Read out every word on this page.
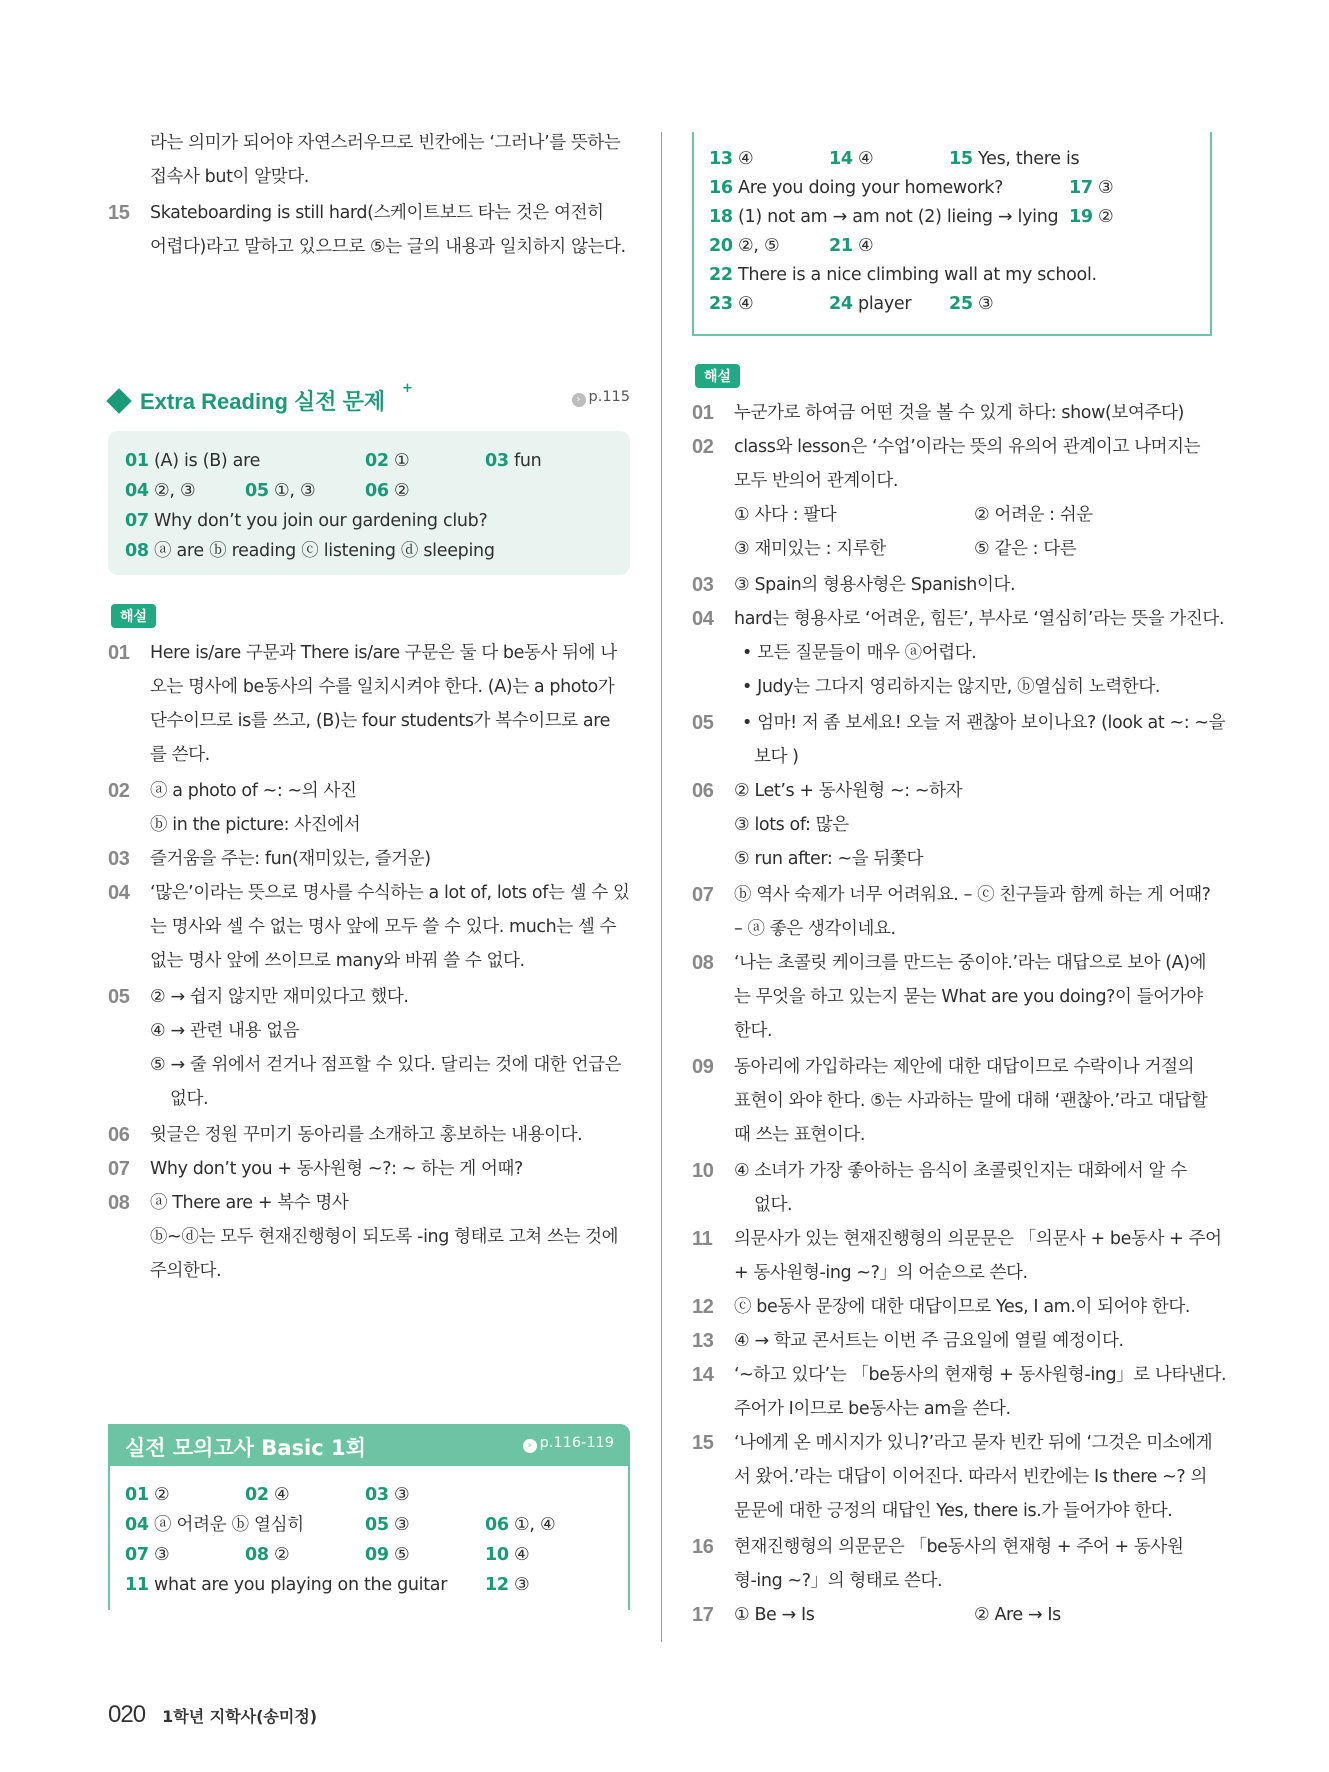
라는 의미가 되어야 자연스러우므로 빈칸에는 ‘그러나’를 뜻하는
접속사 but이 알맞다.
15 Skateboarding is still hard(스케이트보드 타는 것은 여전히
어렵다)라고 말하고 있으므로 ⑤는 글의 내용과 일치하지 않는다.
Extra Reading 실전 문제
+
› p.115
01 (A) is (B) are	02 ①	03 fun
04 ②, ③	05 ①, ③	06 ②
07 Why don’t you join our gardening club?
08 ⓐ are ⓑ reading ⓒ listening ⓓ sleeping
해설
01 Here is/are 구문과 There is/are 구문은 둘 다 be동사 뒤에 나
오는 명사에 be동사의 수를 일치시켜야 한다. (A)는 a photo가
단수이므로 is를 쓰고, (B)는 four students가 복수이므로 are
를 쓴다.
02 ⓐ a photo of ~: ~의 사진
ⓑ in the picture: 사진에서
03 즐거움을 주는: fun(재미있는, 즐거운)
04 ‘많은’이라는 뜻으로 명사를 수식하는 a lot of, lots of는 셀 수 있
는 명사와 셀 수 없는 명사 앞에 모두 쓸 수 있다. much는 셀 수
없는 명사 앞에 쓰이므로 many와 바꿔 쓸 수 없다.
05 ② → 쉽지 않지만 재미있다고 했다.
④ → 관련 내용 없음
⑤ → 줄 위에서 걷거나 점프할 수 있다. 달리는 것에 대한 언급은
없다.
06 윗글은 정원 꾸미기 동아리를 소개하고 홍보하는 내용이다.
07 Why don’t you + 동사원형 ~?: ~ 하는 게 어때?
08 ⓐ There are + 복수 명사
ⓑ~ⓓ는 모두 현재진행형이 되도록 -ing 형태로 고쳐 쓰는 것에
주의한다.
실전 모의고사 Basic 1회	› p.116-119
01 ②	02 ④	03 ③
04 ⓐ 어려운 ⓑ 열심히	05 ③	06 ①, ④
07 ③	08 ②	09 ⑤	10 ④
11 what are you playing on the guitar 12 ③
13 ④	14 ④	15 Yes, there is
16 Are you doing your homework?	17 ③
18 (1) not am → am not (2) lieing → lying 19 ②
20 ②, ⑤	21 ④
22 There is a nice climbing wall at my school.
23 ④	24 player 25 ③
해설
01 누군가로 하여금 어떤 것을 볼 수 있게 하다: show(보여주다)
02 class와 lesson은 ‘수업’이라는 뜻의 유의어 관계이고 나머지는
모두 반의어 관계이다.
① 사다 : 팔다	② 어려운 : 쉬운
③ 재미있는 : 지루한	⑤ 같은 : 다른
03 ③ Spain의 형용사형은 Spanish이다.
04 hard는 형용사로 ‘어려운, 힘든’, 부사로 ‘열심히’라는 뜻을 가진다.
• 모든 질문들이 매우 ⓐ어렵다.
• Judy는 그다지 영리하지는 않지만, ⓑ열심히 노력한다.
05 • 엄마! 저 좀 보세요! 오늘 저 괜찮아 보이나요? (look at ~: ~을
보다 )
06 ② Let’s + 동사원형 ~: ~하자
③ lots of: 많은
⑤ run after: ~을 뒤쫓다
07 ⓑ 역사 숙제가 너무 어려워요. – ⓒ 친구들과 함께 하는 게 어때?
– ⓐ 좋은 생각이네요.
08 ‘나는 초콜릿 케이크를 만드는 중이야.’라는 대답으로 보아 (A)에
는 무엇을 하고 있는지 묻는 What are you doing?이 들어가야
한다.
09 동아리에 가입하라는 제안에 대한 대답이므로 수락이나 거절의
표현이 와야 한다. ⑤는 사과하는 말에 대해 ‘괜찮아.’라고 대답할
때 쓰는 표현이다.
10 ④ 소녀가 가장 좋아하는 음식이 초콜릿인지는 대화에서 알 수
없다.
11 의문사가 있는 현재진행형의 의문문은 「의문사 + be동사 + 주어
+ 동사원형-ing ~?」의 어순으로 쓴다.
12 ⓒ be동사 문장에 대한 대답이므로 Yes, I am.이 되어야 한다.
13 ④ → 학교 콘서트는 이번 주 금요일에 열릴 예정이다.
14 ‘~하고 있다’는 「be동사의 현재형 + 동사원형-ing」로 나타낸다.
주어가 I이므로 be동사는 am을 쓴다.
15 ‘나에게 온 메시지가 있니?’라고 묻자 빈칸 뒤에 ‘그것은 미소에게
서 왔어.’라는 대답이 이어진다. 따라서 빈칸에는 Is there ~? 의
문문에 대한 긍정의 대답인 Yes, there is.가 들어가야 한다.
16 현재진행형의 의문문은 「be동사의 현재형 + 주어 + 동사원
형-ing ~?」의 형태로 쓴다.
17 ① Be → Is	② Are → Is
020 1학년 지학사(송미정)
